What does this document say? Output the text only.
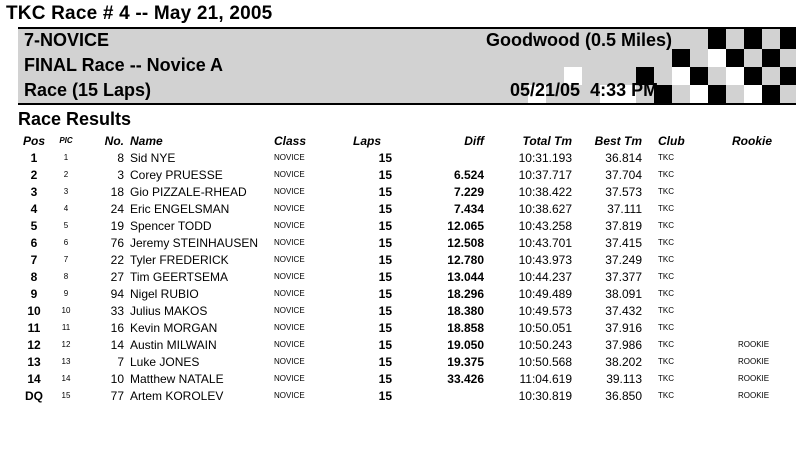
TKC Race # 4 -- May 21, 2005
7-NOVICE
FINAL Race -- Novice A
Race (15 Laps)
Goodwood (0.5 Miles)
05/21/05  4:33 PM
Race Results
Pos	PIC	No.	Name	Class	Laps	Diff	Total Tm	Best Tm	Club	Rookie
1	1	8	Sid NYE	NOVICE	15		10:31.193	36.814	TKC	
2	2	3	Corey PRUESSE	NOVICE	15	6.524	10:37.717	37.704	TKC	
3	3	18	Gio PIZZALE-RHEAD	NOVICE	15	7.229	10:38.422	37.573	TKC	
4	4	24	Eric ENGELSMAN	NOVICE	15	7.434	10:38.627	37.111	TKC	
5	5	19	Spencer TODD	NOVICE	15	12.065	10:43.258	37.819	TKC	
6	6	76	Jeremy STEINHAUSEN	NOVICE	15	12.508	10:43.701	37.415	TKC	
7	7	22	Tyler FREDERICK	NOVICE	15	12.780	10:43.973	37.249	TKC	
8	8	27	Tim GEERTSEMA	NOVICE	15	13.044	10:44.237	37.377	TKC	
9	9	94	Nigel RUBIO	NOVICE	15	18.296	10:49.489	38.091	TKC	
10	10	33	Julius MAKOS	NOVICE	15	18.380	10:49.573	37.432	TKC	
11	11	16	Kevin MORGAN	NOVICE	15	18.858	10:50.051	37.916	TKC	
12	12	14	Austin MILWAIN	NOVICE	15	19.050	10:50.243	37.986	TKC	ROOKIE
13	13	7	Luke JONES	NOVICE	15	19.375	10:50.568	38.202	TKC	ROOKIE
14	14	10	Matthew NATALE	NOVICE	15	33.426	11:04.619	39.113	TKC	ROOKIE
DQ	15	77	Artem KOROLEV	NOVICE	15		10:30.819	36.850	TKC	ROOKIE
